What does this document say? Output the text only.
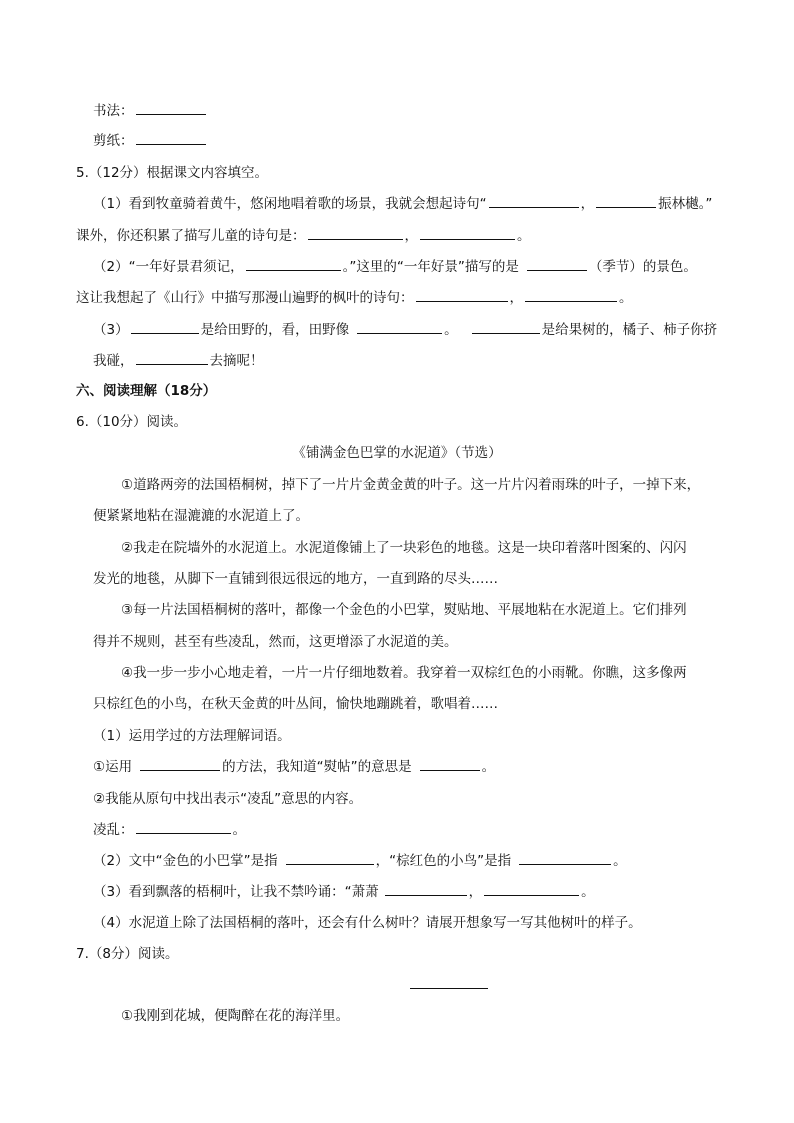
书法：
剪纸：
5.（12分）根据课文内容填空。
（1）看到牧童骑着黄牛，悠闲地唱着歌的场景，我就会想起诗句“	，	振林樾。”
课外，你还积累了描写儿童的诗句是：	，	。
（2）“一年好景君须记，	。”这里的“一年好景”描写的是	（季节）的景色。
这让我想起了《山行》中描写那漫山遍野的枫叶的诗句：	，	。
（3）	是给田野的，看，田野像	。	是给果树的，橘子、柿子你挤
我碰，	去摘呢！
六、阅读理解（18分）
6.（10分）阅读。
《铺满金色巴掌的水泥道》（节选）
①道路两旁的法国梧桐树，掉下了一片片金黄金黄的叶子。这一片片闪着雨珠的叶子，一掉下来，
便紧紧地粘在湿漉漉的水泥道上了。
②我走在院墙外的水泥道上。水泥道像铺上了一块彩色的地毯。这是一块印着落叶图案的、闪闪
发光的地毯，从脚下一直铺到很远很远的地方，一直到路的尽头……
③每一片法国梧桐树的落叶，都像一个金色的小巴掌，熨贴地、平展地粘在水泥道上。它们排列
得并不规则，甚至有些凌乱，然而，这更增添了水泥道的美。
④我一步一步小心地走着，一片一片仔细地数着。我穿着一双棕红色的小雨靴。你瞧，这多像两
只棕红色的小鸟，在秋天金黄的叶丛间，愉快地蹦跳着，歌唱着……
（1）运用学过的方法理解词语。
①运用	的方法，我知道“熨帖”的意思是	。
②我能从原句中找出表示“凌乱”意思的内容。
凌乱：	。
（2）文中“金色的小巴掌”是指	，“棕红色的小鸟”是指	。
（3）看到飘落的梧桐叶，让我不禁吟诵：“萧萧	，	。
（4）水泥道上除了法国梧桐的落叶，还会有什么树叶？请展开想象写一写其他树叶的样子。
7.（8分）阅读。
①我刚到花城，便陶醉在花的海洋里。
